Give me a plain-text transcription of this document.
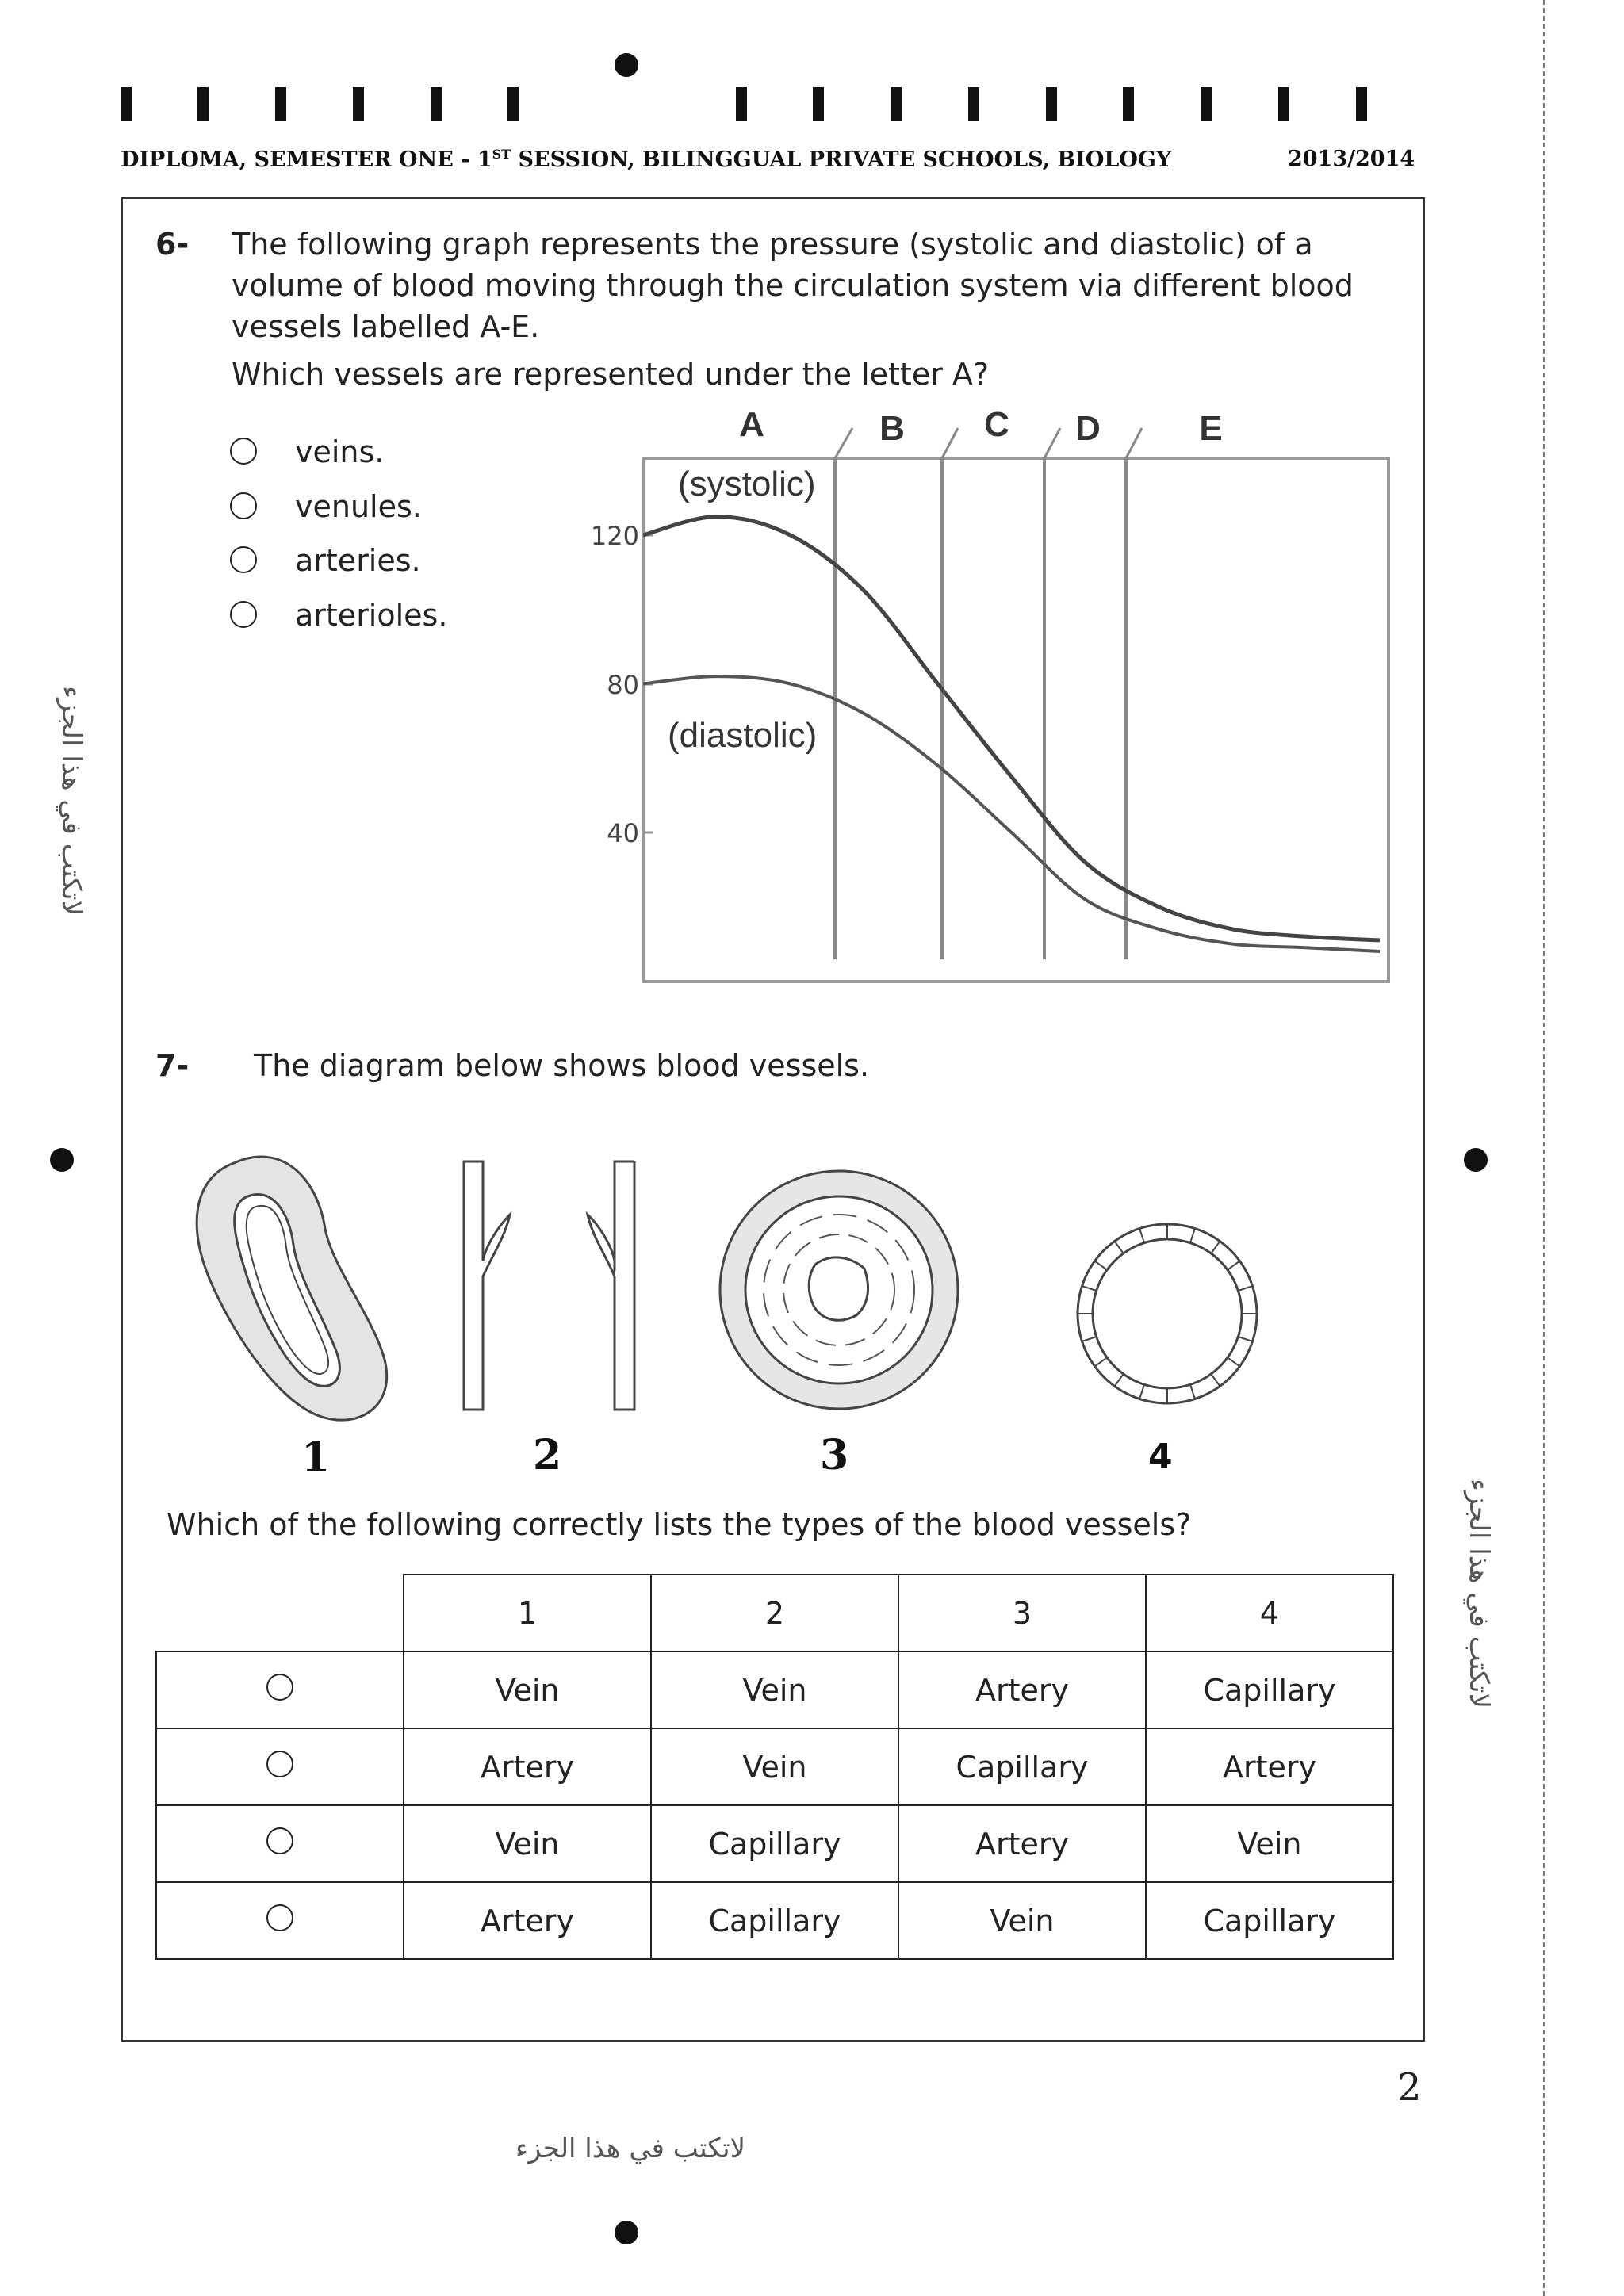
DIPLOMA, SEMESTER ONE - 1ST SESSION, BILINGGUAL PRIVATE SCHOOLS, BIOLOGY	2013/2014
6- The following graph represents the pressure (systolic and diastolic) of a
volume of blood moving through the circulation system via different blood
vessels labelled A-E.
Which vessels are represented under the letter A?
veins.
venules.
arteries.
arterioles.
A	B C D	E
120
80
40
(systolic)
(diastolic)
7- The diagram below shows blood vessels.
1	2	3	4
Which of the following correctly lists the types of the blood vessels?
	1	2	3	4
	Vein	Vein	Artery	Capillary
	Artery	Vein	Capillary	Artery
	Vein	Capillary	Artery	Vein
	Artery	Capillary	Vein	Capillary
2
لاتكتب في هذا الجزء
لاتكتب في هذا الجزء
لاتكتب في هذا الجزء
